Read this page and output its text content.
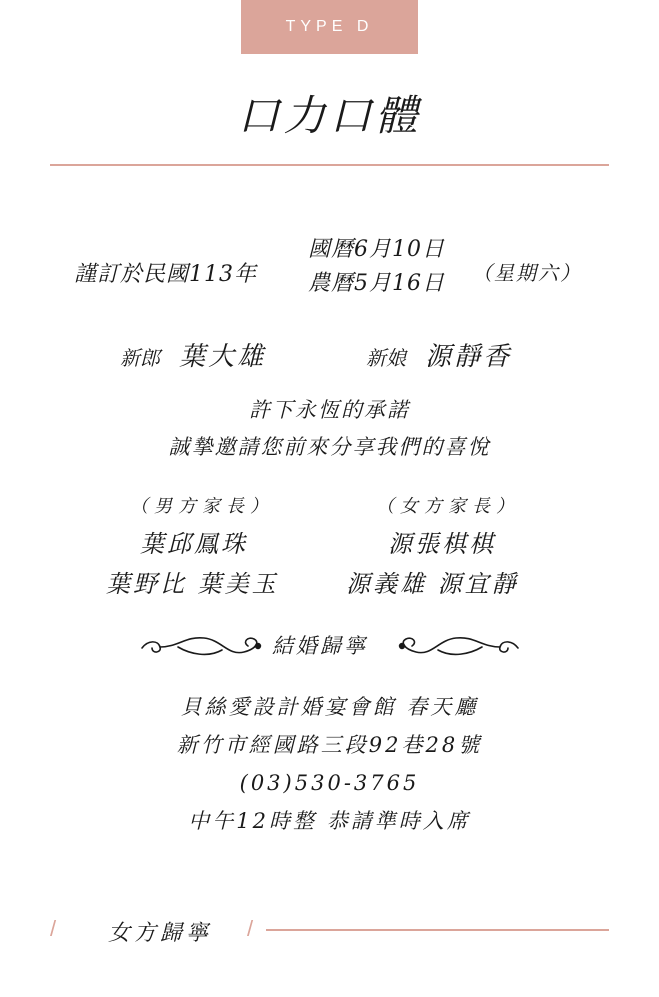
TYPE D
口力口體
謹訂於民國113年
國曆6月10日
農曆5月16日 （星期六）
新郎 葉大雄	新娘 源靜香
許下永恆的承諾
誠摯邀請您前來分享我們的喜悅
（男方家長）
葉邱鳳珠
葉野比 葉美玉
（女方家長）
源張棋棋
源義雄 源宜靜
結婚歸寧
貝絲愛設計婚宴會館 春天廳
新竹市經國路三段92巷28號
(03)530-3765
中午12時整 恭請準時入席
/ 女方歸寧 /
